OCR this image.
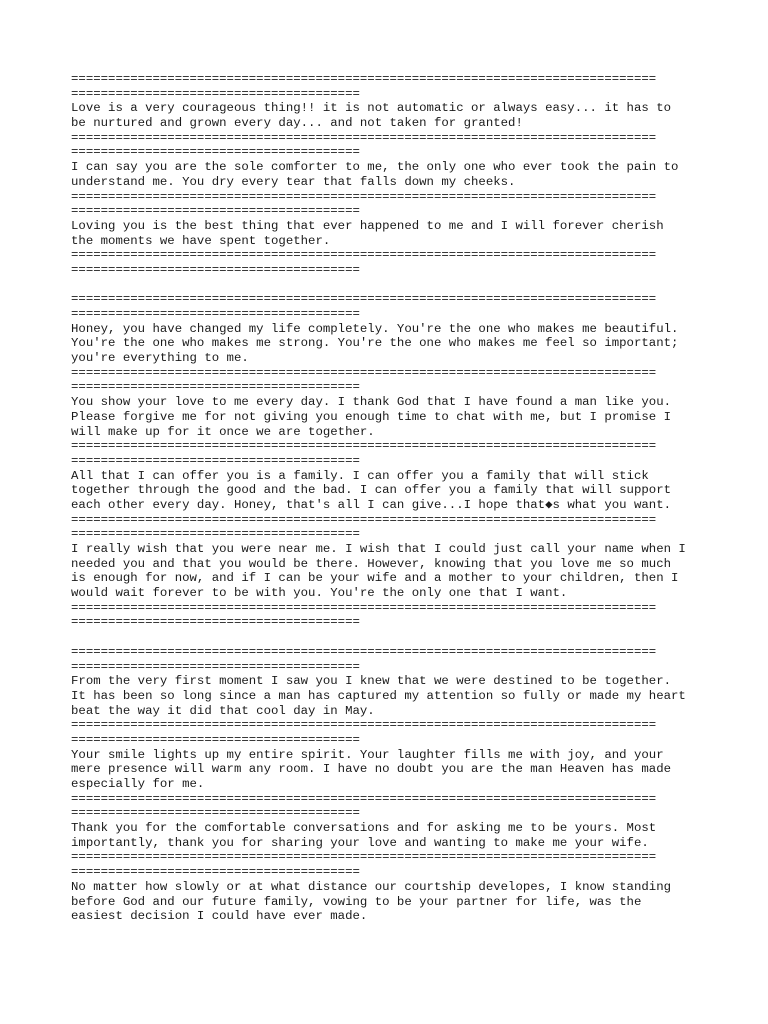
===============================================================================
=======================================
Love is a very courageous thing!! it is not automatic or always easy... it has to
be nurtured and grown every day... and not taken for granted!
===============================================================================
=======================================
I can say you are the sole comforter to me, the only one who ever took the pain to
understand me. You dry every tear that falls down my cheeks.
===============================================================================
=======================================
Loving you is the best thing that ever happened to me and I will forever cherish
the moments we have spent together.
===============================================================================
=======================================
===============================================================================
=======================================
Honey, you have changed my life completely. You're the one who makes me beautiful.
You're the one who makes me strong. You're the one who makes me feel so important;
you're everything to me.
===============================================================================
=======================================
You show your love to me every day. I thank God that I have found a man like you.
Please forgive me for not giving you enough time to chat with me, but I promise I
will make up for it once we are together.
===============================================================================
=======================================
All that I can offer you is a family. I can offer you a family that will stick
together through the good and the bad. I can offer you a family that will support
each other every day. Honey, that's all I can give...I hope that◆s what you want.
===============================================================================
=======================================
I really wish that you were near me. I wish that I could just call your name when I
needed you and that you would be there. However, knowing that you love me so much
is enough for now, and if I can be your wife and a mother to your children, then I
would wait forever to be with you. You're the only one that I want.
===============================================================================
=======================================
===============================================================================
=======================================
From the very first moment I saw you I knew that we were destined to be together.
It has been so long since a man has captured my attention so fully or made my heart
beat the way it did that cool day in May.
===============================================================================
=======================================
Your smile lights up my entire spirit. Your laughter fills me with joy, and your
mere presence will warm any room. I have no doubt you are the man Heaven has made
especially for me.
===============================================================================
=======================================
Thank you for the comfortable conversations and for asking me to be yours. Most
importantly, thank you for sharing your love and wanting to make me your wife.
===============================================================================
=======================================
No matter how slowly or at what distance our courtship developes, I know standing
before God and our future family, vowing to be your partner for life, was the
easiest decision I could have ever made.
